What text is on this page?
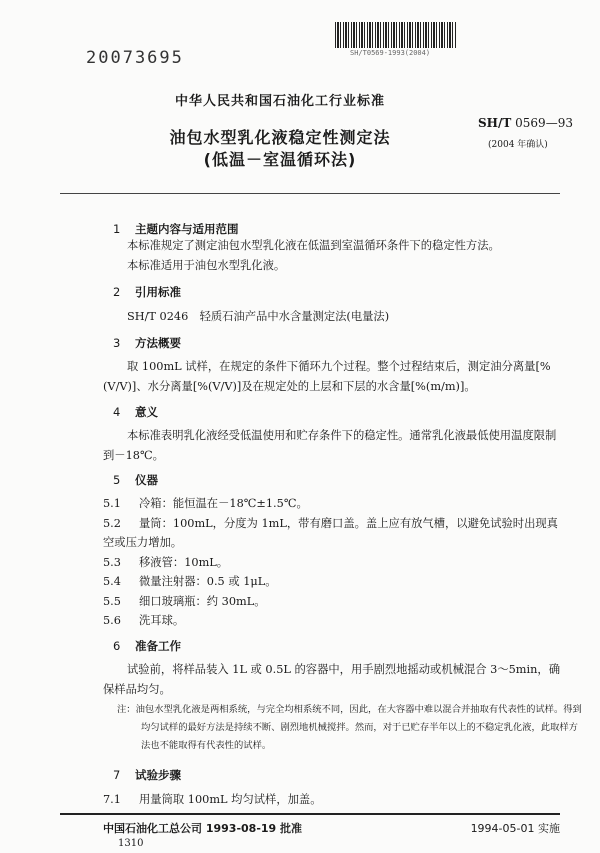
20073695	SH/T0569-1993(2004)
中华人民共和国石油化工行业标准
油包水型乳化液稳定性测定法
(低温－室温循环法)
SH/T 0569—93
(2004 年确认)
1 主题内容与适用范围
本标准规定了测定油包水型乳化液在低温到室温循环条件下的稳定性方法。
本标准适用于油包水型乳化液。
2 引用标准
SH/T 0246　轻质石油产品中水含量测定法(电量法)
3 方法概要
取 100mL 试样，在规定的条件下循环九个过程。整个过程结束后，测定油分离量[%(V/V)]、水分离量[%(V/V)]及在规定处的上层和下层的水含量[%(m/m)]。
4 意义
本标准表明乳化液经受低温使用和贮存条件下的稳定性。通常乳化液最低使用温度限制到－18℃。
5 仪器
5.1 冷箱：能恒温在－18℃±1.5℃。
5.2 量筒：100mL，分度为 1mL，带有磨口盖。盖上应有放气槽，以避免试验时出现真空或压力增加。
5.3 移液管：10mL。
5.4 微量注射器：0.5 或 1μL。
5.5 细口玻璃瓶：约 30mL。
5.6 洗耳球。
6 准备工作
试验前，将样品装入 1L 或 0.5L 的容器中，用手剧烈地摇动或机械混合 3～5min，确保样品均匀。
注：油包水型乳化液是两相系统，与完全均相系统不同，因此，在大容器中难以混合并抽取有代表性的试样。得到均匀试样的最好方法是持续不断、剧烈地机械搅拌。然而，对于已贮存半年以上的不稳定乳化液，此取样方法也不能取得有代表性的试样。
7 试验步骤
7.1 用量筒取 100mL 均匀试样，加盖。
中国石油化工总公司 1993-08-19 批准	1994-05-01 实施
1310
